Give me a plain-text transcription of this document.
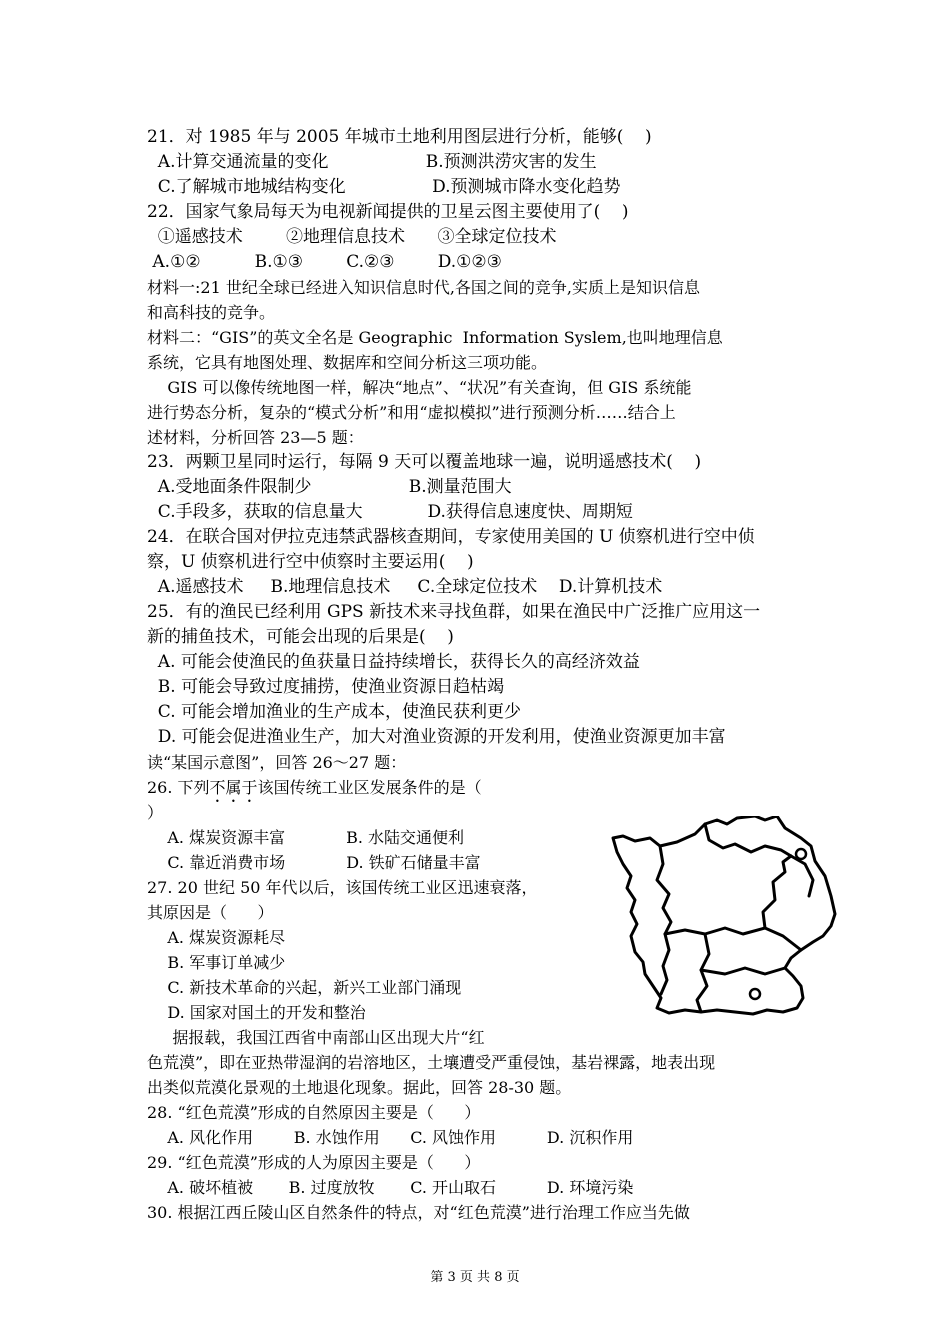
21．对 1985 年与 2005 年城市土地利用图层进行分析，能够(    )
A.计算交通流量的变化                  B.预测洪涝灾害的发生
C.了解城市地城结构变化                D.预测城市降水变化趋势
22．国家气象局每天为电视新闻提供的卫星云图主要使用了(    )
①遥感技术        ②地理信息技术      ③全球定位技术
A.①②          B.①③        C.②③        D.①②③
材料一:21 世纪全球已经进入知识信息时代,各国之间的竞争,实质上是知识信息
和高科技的竞争。
材料二：“GIS”的英文全名是 Geographic  Information Syslem,也叫地理信息
系统，它具有地图处理、数据库和空间分析这三项功能。
GIS 可以像传统地图一样，解决“地点”、“状况”有关查询，但 GIS 系统能
进行势态分析，复杂的“模式分析”和用“虚拟模拟”进行预测分析……结合上
述材料，分析回答 23—5 题：
23．两颗卫星同时运行，每隔 9 天可以覆盖地球一遍，说明遥感技术(    )
A.受地面条件限制少                  B.测量范围大
C.手段多，获取的信息量大            D.获得信息速度快、周期短
24．在联合国对伊拉克违禁武器核查期间，专家使用美国的 U 侦察机进行空中侦
察，U 侦察机进行空中侦察时主要运用(    )
A.遥感技术     B.地理信息技术     C.全球定位技术    D.计算机技术
25．有的渔民已经利用 GPS 新技术来寻找鱼群，如果在渔民中广泛推广应用这一
新的捕鱼技术，可能会出现的后果是(    )
A. 可能会使渔民的鱼获量日益持续增长，获得长久的高经济效益
B. 可能会导致过度捕捞，使渔业资源日趋枯竭
C. 可能会增加渔业的生产成本，使渔民获利更少
D. 可能会促进渔业生产，加大对渔业资源的开发利用，使渔业资源更加丰富
读“某国示意图”，回答 26～27 题：
26. 下列不属于该国传统工业区发展条件的是（
）
A. 煤炭资源丰富            B. 水陆交通便利
C. 靠近消费市场            D. 铁矿石储量丰富
27. 20 世纪 50 年代以后，该国传统工业区迅速衰落，
其原因是（      ）
A. 煤炭资源耗尽
B. 军事订单减少
C. 新技术革命的兴起，新兴工业部门涌现
D. 国家对国土的开发和整治
据报载，我国江西省中南部山区出现大片“红
色荒漠”，即在亚热带湿润的岩溶地区，土壤遭受严重侵蚀，基岩裸露，地表出现
出类似荒漠化景观的土地退化现象。据此，回答 28-30 题。
28. “红色荒漠”形成的自然原因主要是（      ）
A. 风化作用        B. 水蚀作用      C. 风蚀作用          D. 沉积作用
29. “红色荒漠”形成的人为原因主要是（      ）
A. 破坏植被       B. 过度放牧       C. 开山取石          D. 环境污染
30. 根据江西丘陵山区自然条件的特点，对“红色荒漠”进行治理工作应当先做
第 3 页 共 8 页
